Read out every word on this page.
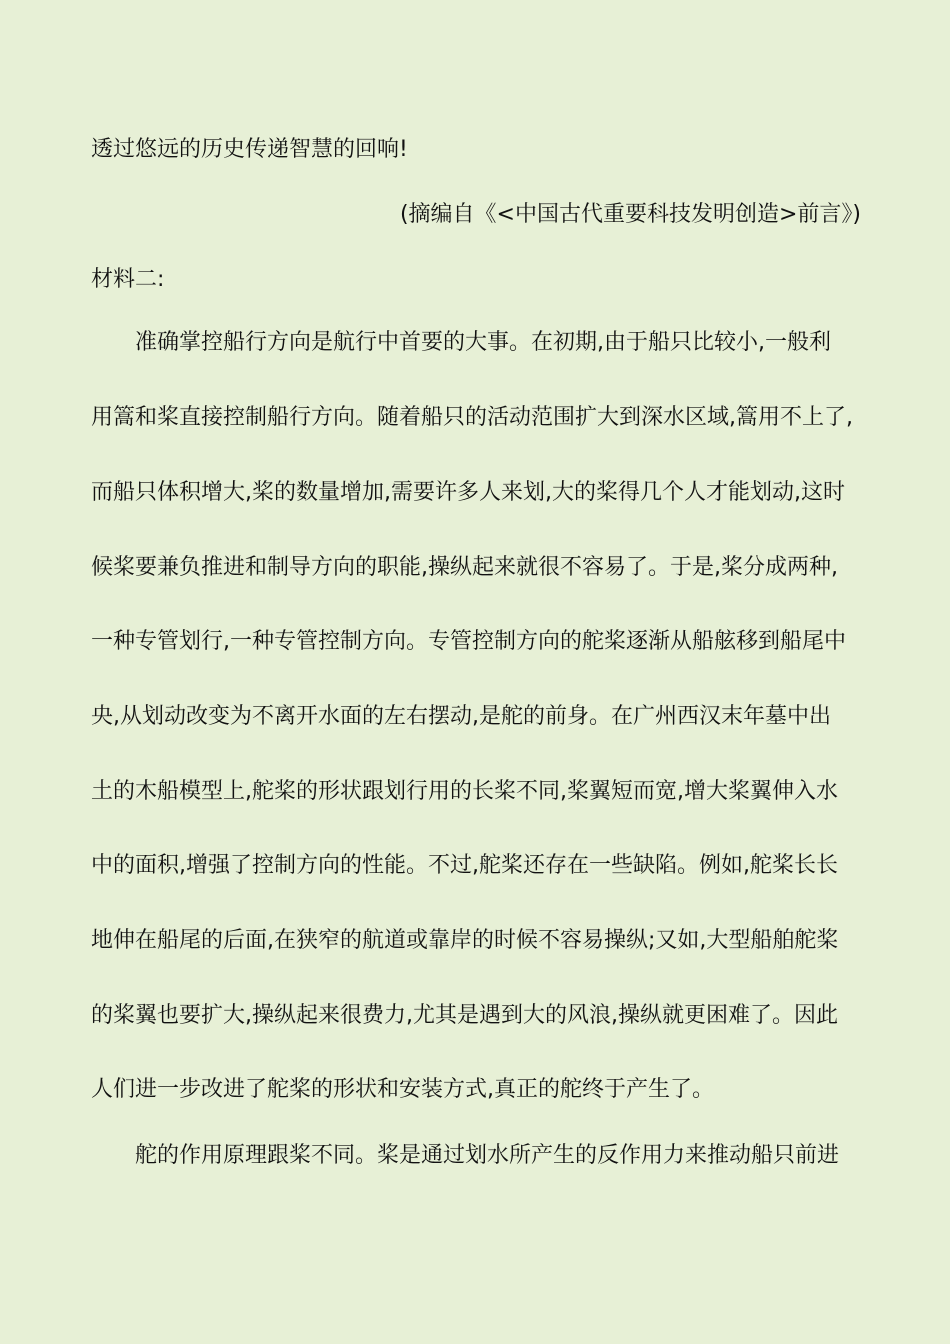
透过悠远的历史传递智慧的回响!
(摘编自《<中国古代重要科技发明创造>前言》)
材料二:
准确掌控船行方向是航行中首要的大事。在初期,由于船只比较小,一般利
用篙和桨直接控制船行方向。随着船只的活动范围扩大到深水区域,篙用不上了,
而船只体积增大,桨的数量增加,需要许多人来划,大的桨得几个人才能划动,这时
候桨要兼负推进和制导方向的职能,操纵起来就很不容易了。于是,桨分成两种,
一种专管划行,一种专管控制方向。专管控制方向的舵桨逐渐从船舷移到船尾中
央,从划动改变为不离开水面的左右摆动,是舵的前身。在广州西汉末年墓中出
土的木船模型上,舵桨的形状跟划行用的长桨不同,桨翼短而宽,增大桨翼伸入水
中的面积,增强了控制方向的性能。不过,舵桨还存在一些缺陷。例如,舵桨长长
地伸在船尾的后面,在狭窄的航道或靠岸的时候不容易操纵;又如,大型船舶舵桨
的桨翼也要扩大,操纵起来很费力,尤其是遇到大的风浪,操纵就更困难了。因此
人们进一步改进了舵桨的形状和安装方式,真正的舵终于产生了。
舵的作用原理跟桨不同。桨是通过划水所产生的反作用力来推动船只前进
